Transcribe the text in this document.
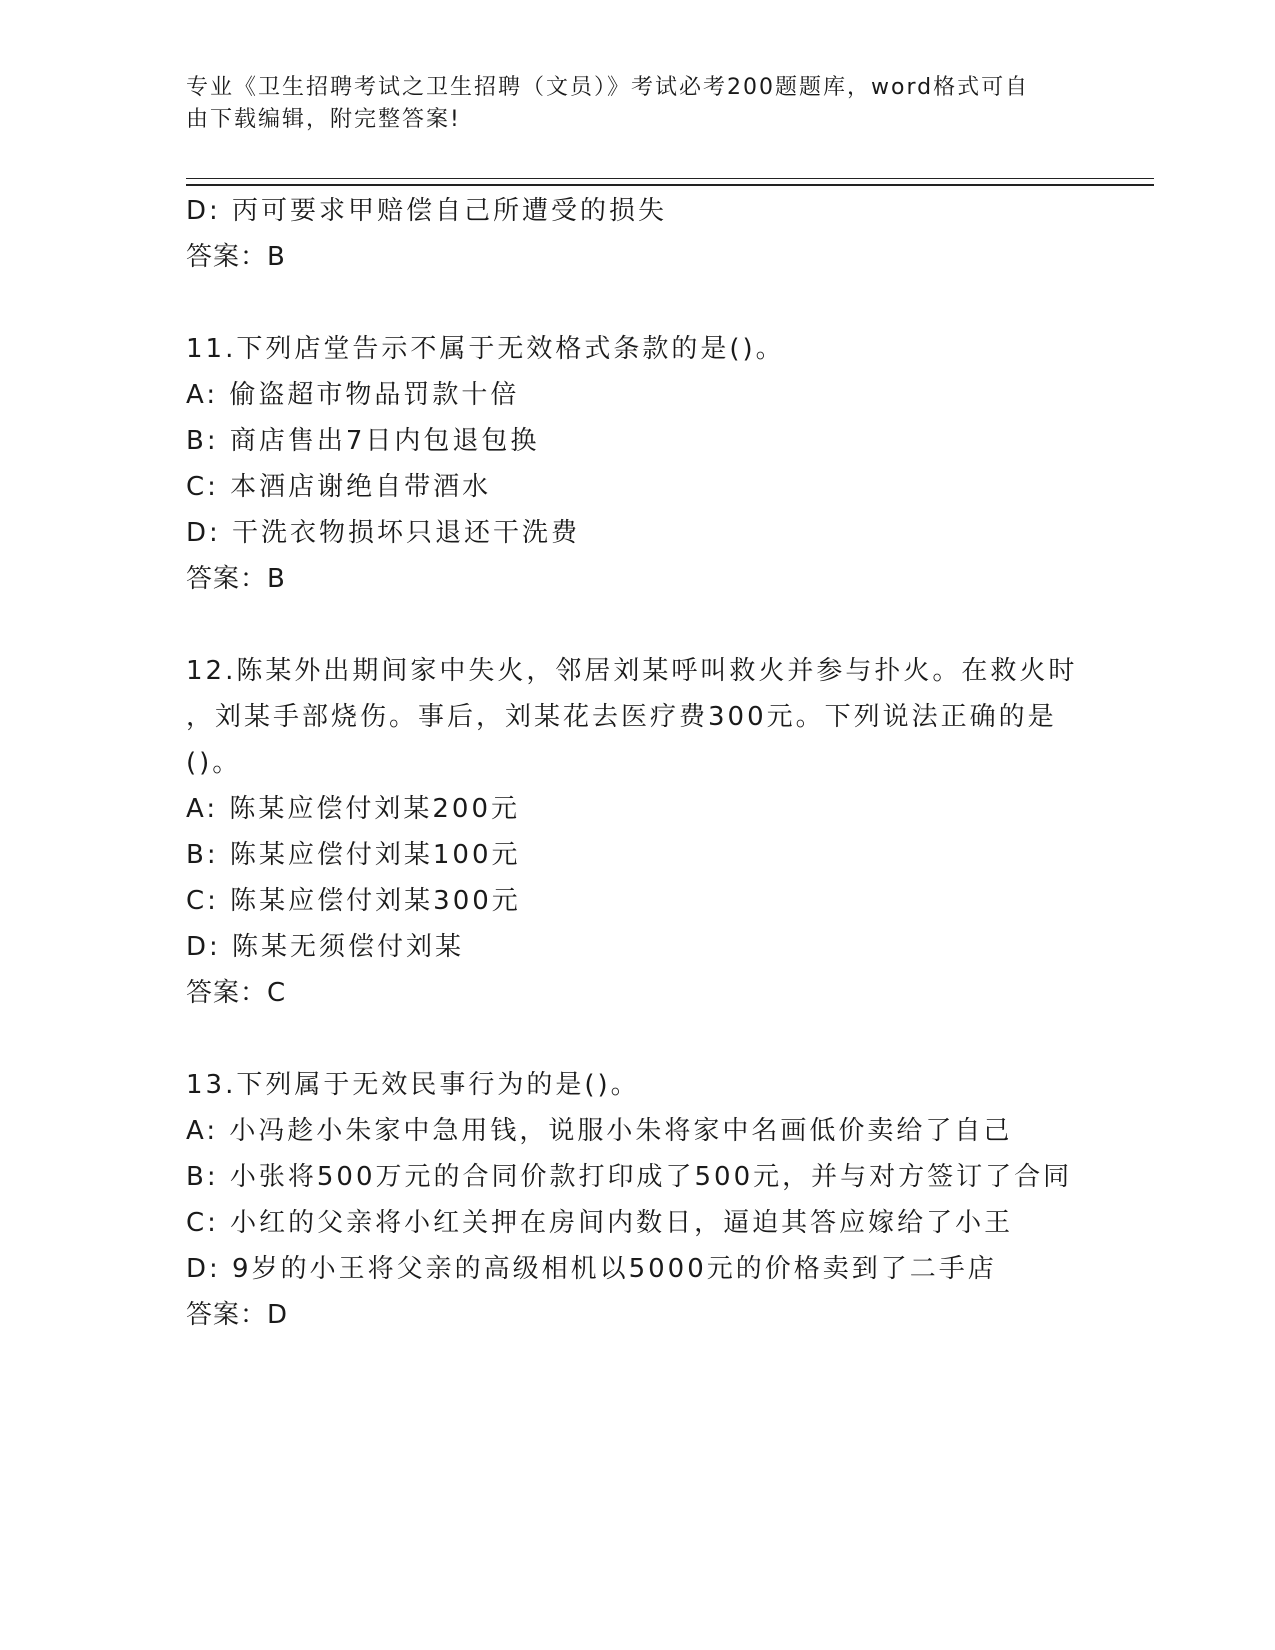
专业《卫生招聘考试之卫生招聘（文员）》考试必考200题题库，word格式可自
由下载编辑，附完整答案!
D: 丙可要求甲赔偿自己所遭受的损失
答案：B
11.下列店堂告示不属于无效格式条款的是()。
A: 偷盗超市物品罚款十倍
B: 商店售出7日内包退包换
C: 本酒店谢绝自带酒水
D: 干洗衣物损坏只退还干洗费
答案：B
12.陈某外出期间家中失火，邻居刘某呼叫救火并参与扑火。在救火时
，刘某手部烧伤。事后，刘某花去医疗费300元。下列说法正确的是
()。
A: 陈某应偿付刘某200元
B: 陈某应偿付刘某100元
C: 陈某应偿付刘某300元
D: 陈某无须偿付刘某
答案：C
13.下列属于无效民事行为的是()。
A: 小冯趁小朱家中急用钱，说服小朱将家中名画低价卖给了自己
B: 小张将500万元的合同价款打印成了500元，并与对方签订了合同
C: 小红的父亲将小红关押在房间内数日，逼迫其答应嫁给了小王
D: 9岁的小王将父亲的高级相机以5000元的价格卖到了二手店
答案：D
